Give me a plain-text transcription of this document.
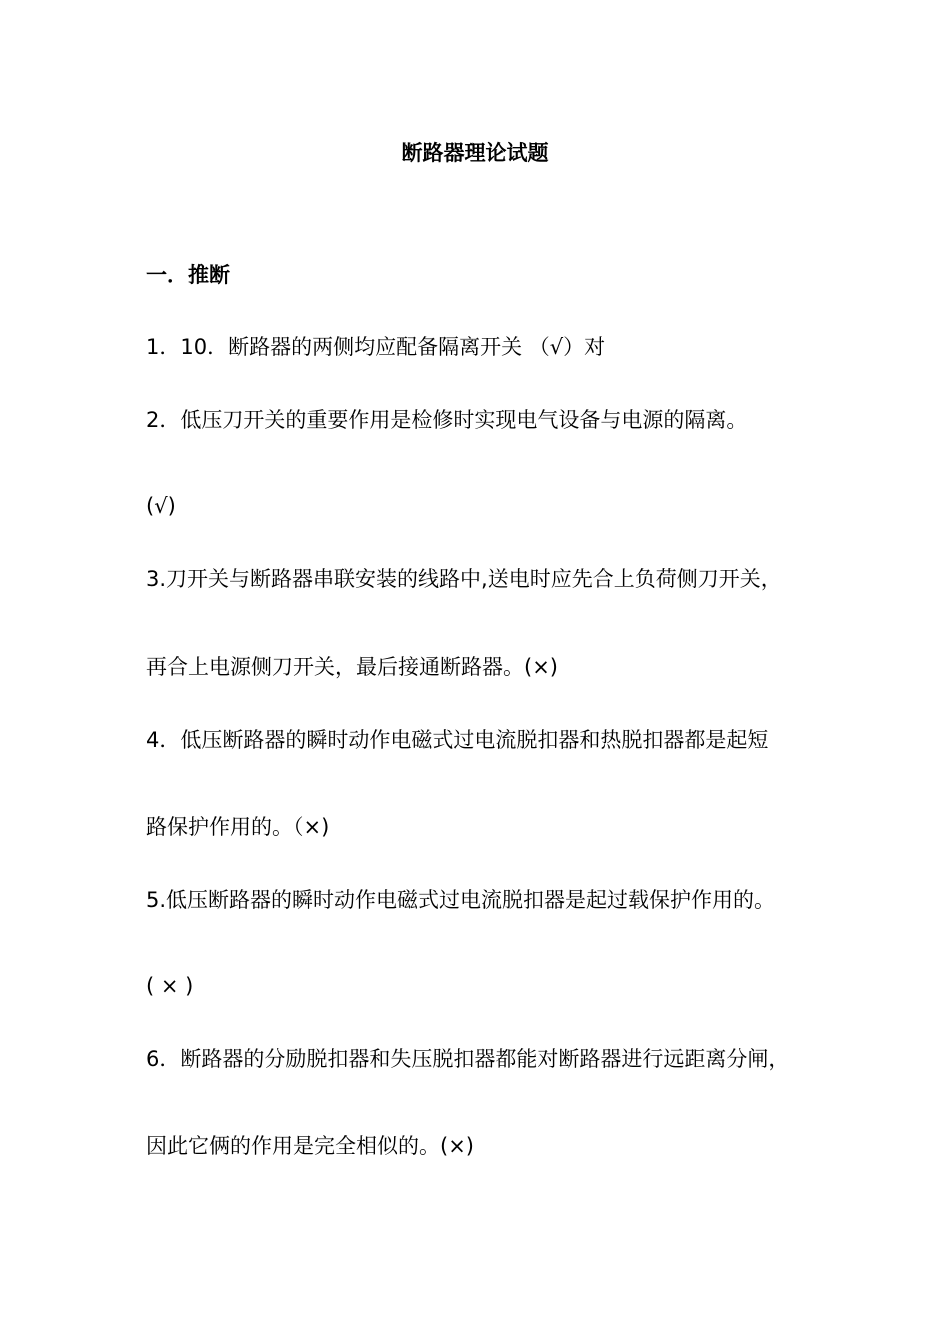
断路器理论试题
一．推断
1．10．断路器的两侧均应配备隔离开关 （√）对
2．低压刀开关的重要作用是检修时实现电气设备与电源的隔离。
(√)
3.刀开关与断路器串联安装的线路中,送电时应先合上负荷侧刀开关，
再合上电源侧刀开关，最后接通断路器。(×)
4．低压断路器的瞬时动作电磁式过电流脱扣器和热脱扣器都是起短
路保护作用的。（×)
5.低压断路器的瞬时动作电磁式过电流脱扣器是起过载保护作用的。
( × )
6．断路器的分励脱扣器和失压脱扣器都能对断路器进行远距离分闸，
因此它俩的作用是完全相似的。(×)
